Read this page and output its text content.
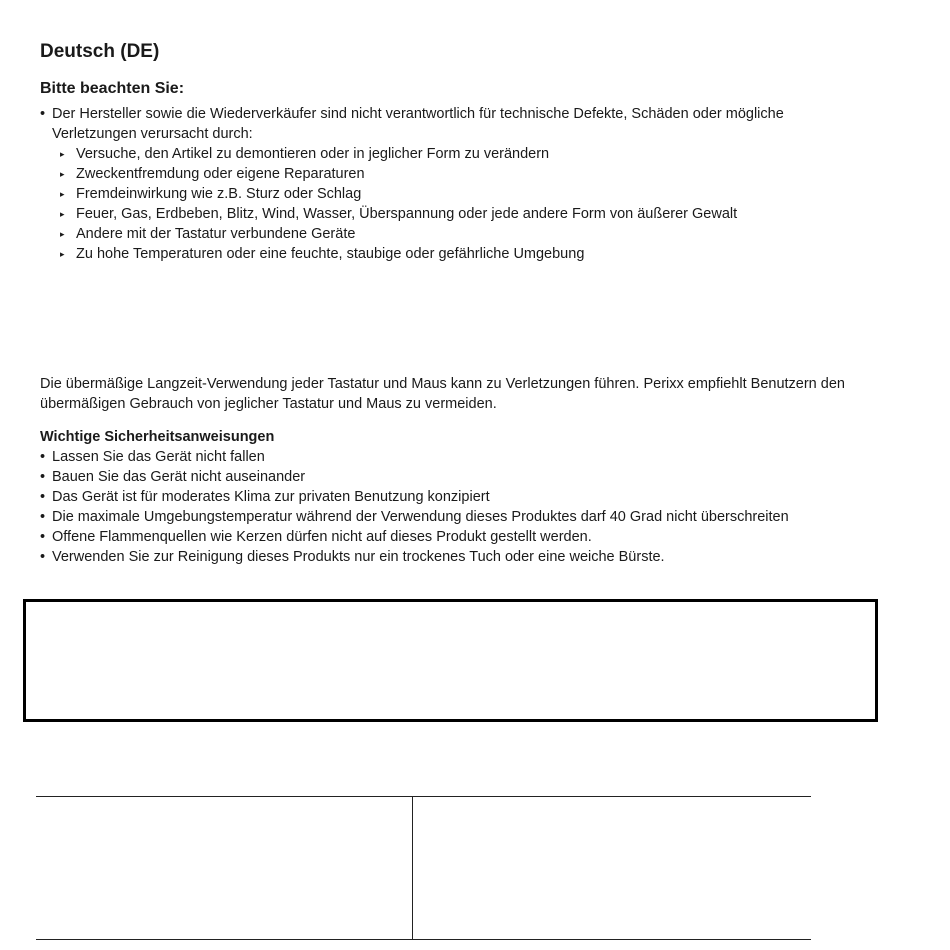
Deutsch (DE)
Bitte beachten Sie:
• Der Hersteller sowie die Wiederverkäufer sind nicht verantwortlich für technische Defekte, Schäden oder mögliche Verletzungen verursacht durch:
▸ Versuche, den Artikel zu demontieren oder in jeglicher Form zu verändern
▸ Zweckentfremdung oder eigene Reparaturen
▸ Fremdeinwirkung wie z.B. Sturz oder Schlag
▸ Feuer, Gas, Erdbeben, Blitz, Wind, Wasser, Überspannung oder jede andere Form von äußerer Gewalt
▸ Andere mit der Tastatur verbundene Geräte
▸ Zu hohe Temperaturen oder eine feuchte, staubige oder gefährliche Umgebung

Die übermäßige Langzeit-Verwendung jeder Tastatur und Maus kann zu Verletzungen führen. Perixx empfiehlt Benutzern den übermäßigen Gebrauch von jeglicher Tastatur und Maus zu vermeiden.

Wichtige Sicherheitsanweisungen

• Lassen Sie das Gerät nicht fallen
• Bauen Sie das Gerät nicht auseinander
• Das Gerät ist für moderates Klima zur privaten Benutzung konzipiert
• Die maximale Umgebungstemperatur während der Verwendung dieses Produktes darf 40 Grad nicht überschreiten
• Offene Flammenquellen wie Kerzen dürfen nicht auf dieses Produkt gestellt werden.
• Verwenden Sie zur Reinigung dieses Produkts nur ein trockenes Tuch oder eine weiche Bürste.
